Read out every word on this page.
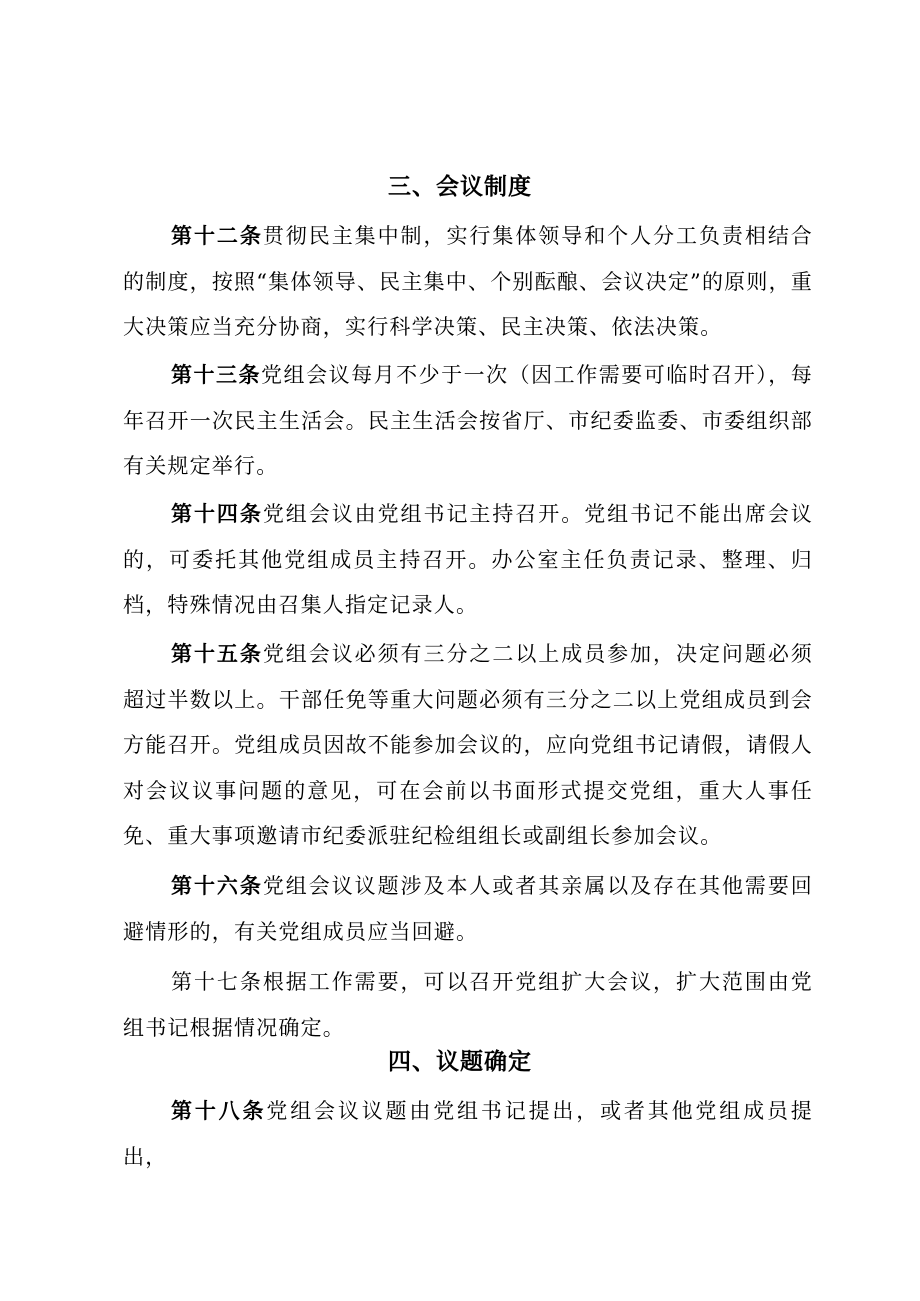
三、会议制度

第十二条贯彻民主集中制，实行集体领导和个人分工负责相结合的制度，按照“集体领导、民主集中、个别酝酿、会议决定”的原则，重大决策应当充分协商，实行科学决策、民主决策、依法决策。

第十三条党组会议每月不少于一次（因工作需要可临时召开），每年召开一次民主生活会。民主生活会按省厅、市纪委监委、市委组织部有关规定举行。

第十四条党组会议由党组书记主持召开。党组书记不能出席会议的，可委托其他党组成员主持召开。办公室主任负责记录、整理、归档，特殊情况由召集人指定记录人。

第十五条党组会议必须有三分之二以上成员参加，决定问题必须超过半数以上。干部任免等重大问题必须有三分之二以上党组成员到会方能召开。党组成员因故不能参加会议的，应向党组书记请假，请假人对会议议事问题的意见，可在会前以书面形式提交党组，重大人事任免、重大事项邀请市纪委派驻纪检组组长或副组长参加会议。

第十六条党组会议议题涉及本人或者其亲属以及存在其他需要回避情形的，有关党组成员应当回避。

第十七条根据工作需要，可以召开党组扩大会议，扩大范围由党组书记根据情况确定。

四、议题确定

第十八条党组会议议题由党组书记提出，或者其他党组成员提出，
